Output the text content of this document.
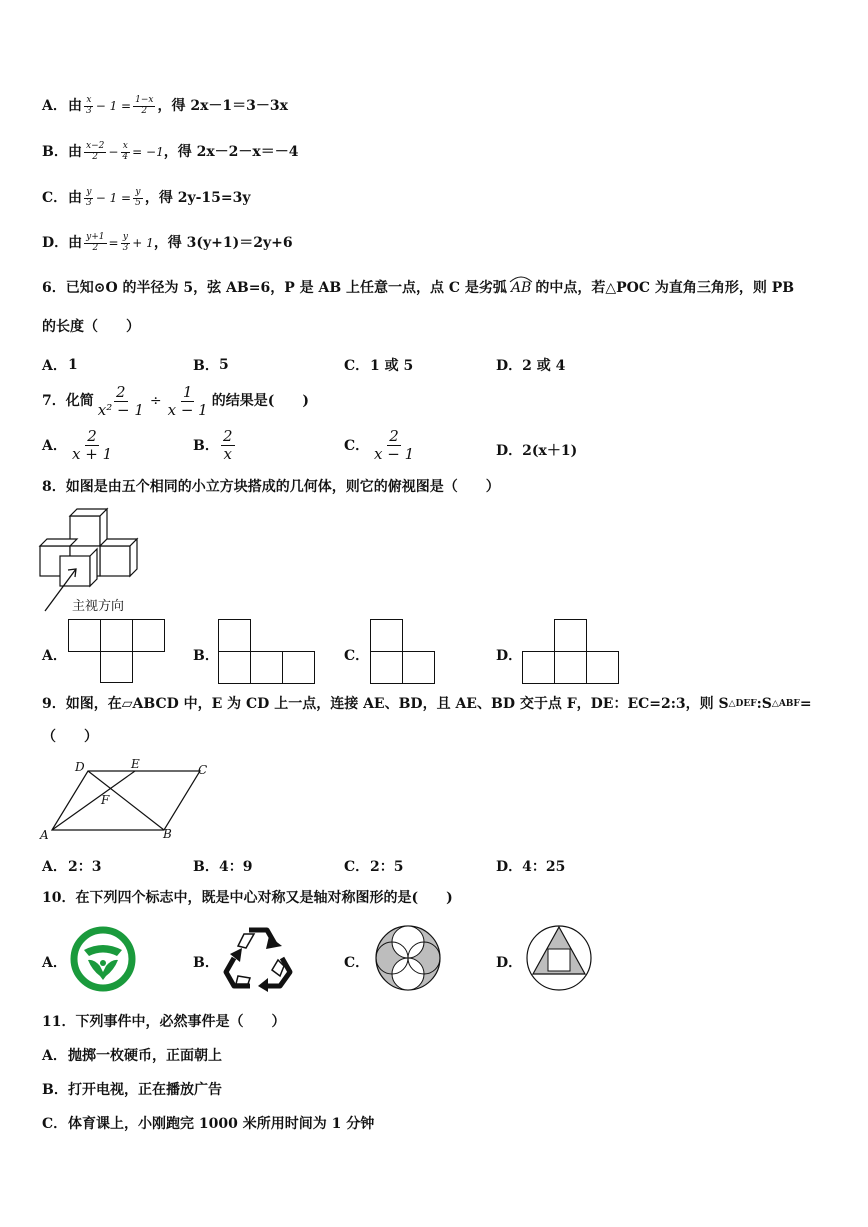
A． 由 $\frac{x}{3} - 1 = \frac{1-x}{2}$ ，得 2x－1＝3－3x
B． 由 $\frac{x-2}{2} - \frac{x}{4} = -1$ ，得 2x－2－x＝－4
C． 由 $\frac{y}{3} - 1 = \frac{y}{5}$ ，得 2y-15=3y
D． 由 $\frac{y+1}{2} = \frac{y}{3} + 1$ ，得 3(y+1)＝2y+6
6．已知⊙O 的半径为 5，弦 AB=6，P 是 AB 上任意一点，点 C 是劣弧 AB 的中点，若△POC 为直角三角形，则 PB
的长度（　　）
A． 1	B． 5	C． 1 或 5	D． 2 或 4
7．化简 $\frac{2}{\text{x² − 1}} \div \frac{1}{x - 1}$ 的结果是(　　)
A． $\frac{2}{x + 1}$	B． $\frac{2}{x}$	C． $\frac{2}{x - 1}$	D． 2(x＋1)
8．如图是由五个相同的小立方块搭成的几何体，则它的俯视图是（　　）
主视方向
A．	B．	C．	D．
9．如图，在▱ABCD 中，E 为 CD 上一点，连接 AE、BD，且 AE、BD 交于点 F，DE：EC=2:3，则 S △DEF :S △ABF =
（　　）
D	E	C
F
A	B
A． 2：3	B． 4：9	C． 2：5	D． 4：25
10．在下列四个标志中，既是中心对称又是轴对称图形的是(　　)
A．	B．	C．	D．
11．下列事件中，必然事件是（　　）
A． 抛掷一枚硬币，正面朝上
B． 打开电视，正在播放广告
C． 体育课上，小刚跑完 1000 米所用时间为 1 分钟
